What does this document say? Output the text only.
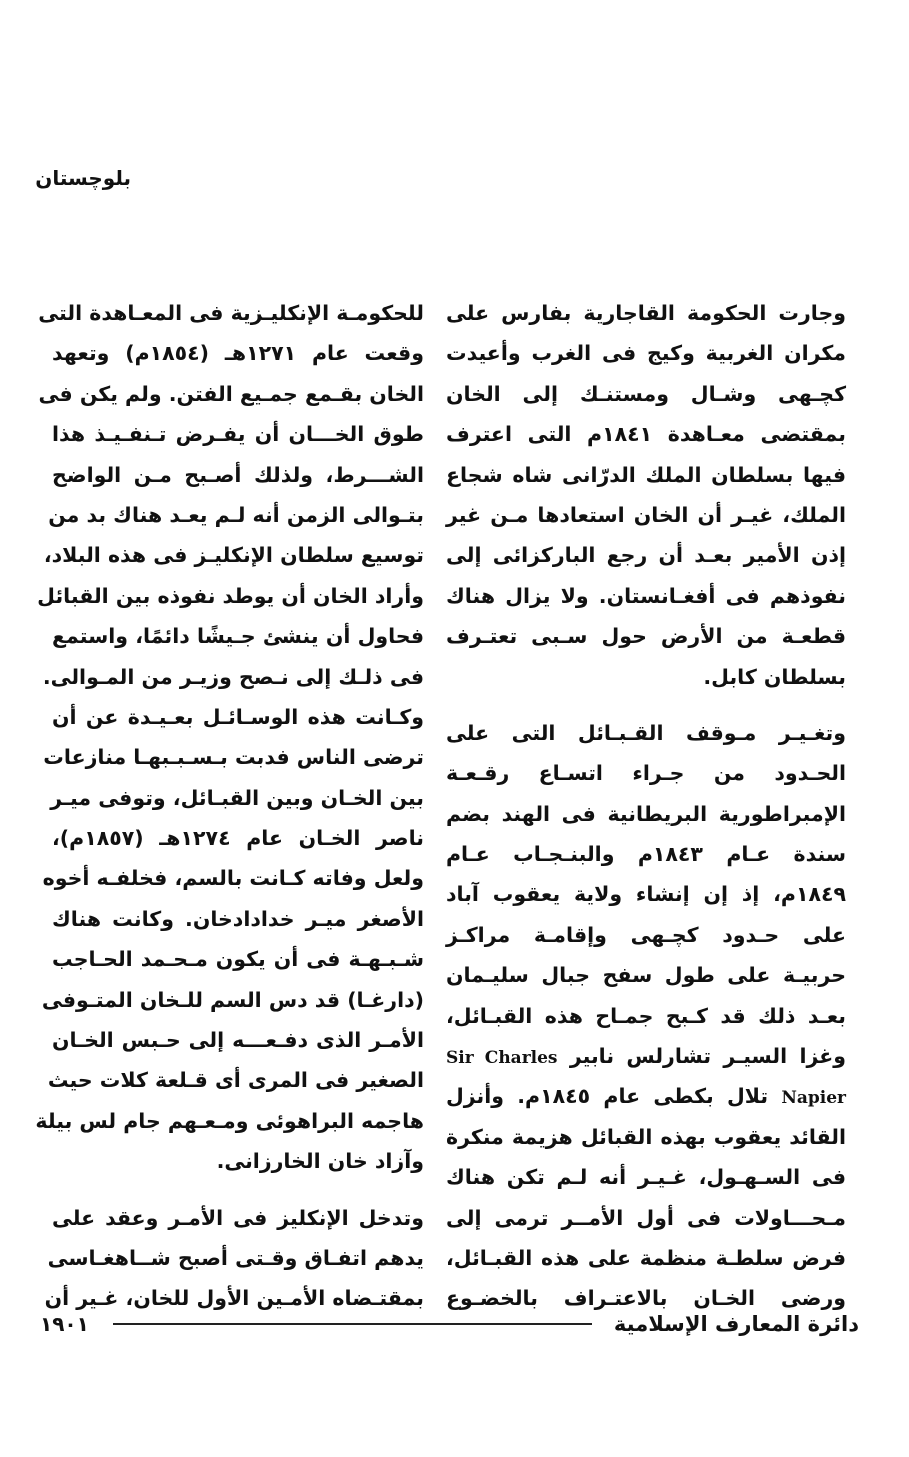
بلوچستان
وجارت الحكومة القاجارية بفارس على
مكران الغربية وكيج فى الغرب وأعيدت
كچـهى وشـال ومستنـك إلى الخان
بمقتضى معـاهدة ١٨٤١م التى اعترف
فيها بسلطان الملك الدرّانى شاه شجاع
الملك، غيـر أن الخان استعادها مـن غير
إذن الأمير بعـد أن رجع الباركزائى إلى
نفوذهم فى أفغـانستان. ولا يزال هناك
قطعـة من الأرض حول سـبى تعتـرف
بسلطان كابل.
وتغـيـر مـوقف القـبـائل التى على
الحـدود من جـراء اتسـاع رقـعـة
الإمبراطورية البريطانية فى الهند بضم
سندة عـام ١٨٤٣م والبنـجـاب عـام
١٨٤٩م، إذ إن إنشاء ولاية يعقوب آباد
على حـدود كچـهى وإقامـة مراكـز
حربيـة على طول سفح جبال سليـمان
بعـد ذلك قد كـبح جمـاح هذه القبـائل،
وغزا السيـر تشارلس نابير Sir Charles
Napier تلال بكطى عام ١٨٤٥م. وأنزل
القائد يعقوب بهذه القبائل هزيمة منكرة
فى السـهـول، غـيـر أنه لـم تكن هناك
مـحـــاولات فى أول الأمــر ترمى إلى
فرض سلطـة منظمة على هذه القبـائل،
ورضى الخـان بالاعتـراف بالخضـوع
للحكومـة الإنكليـزية فى المعـاهدة التى
وقعت عام ١٢٧١هـ (١٨٥٤م) وتعهد
الخان بقـمع جمـيع الفتن. ولم يكن فى
طوق الخـــان أن يفـرض تـنفـيـذ هذا
الشـــرط، ولذلك أصـبح مـن الواضح
بتـوالى الزمن أنه لـم يعـد هناك بد من
توسيع سلطان الإنكليـز فى هذه البلاد،
وأراد الخان أن يوطد نفوذه بين القبائل
فحاول أن ينشئ جـيشًا دائمًا، واستمع
فى ذلـك إلى نـصح وزيـر من المـوالى.
وكـانت هذه الوسـائـل بعـيـدة عن أن
ترضى الناس فدبت بـسـبـبهـا منازعات
بين الخـان وبين القبـائل، وتوفى ميـر
ناصر الخـان عام ١٢٧٤هـ (١٨٥٧م)،
ولعل وفاته كـانت بالسم، فخلفـه أخوه
الأصغر ميـر خدادادخان. وكانت هناك
شـبـهـة فى أن يكون مـحـمد الحـاجب
(دارغـا) قد دس السم للـخان المتـوفى
الأمـر الذى دفـعـــه إلى حـبس الخـان
الصغير فى المرى أى قـلعة كلات حيث
هاجمه البراهوئى ومـعـهم جام لس بيلة
وآزاد خان الخارزانى.
وتدخل الإنكليز فى الأمـر وعقد على
يدهم اتفـاق وقـتى أصبح شــاهغـاسى
بمقتـضاه الأمـين الأول للخان، غـير أن
دائرة المعارف الإسلامية
١٩٠١
